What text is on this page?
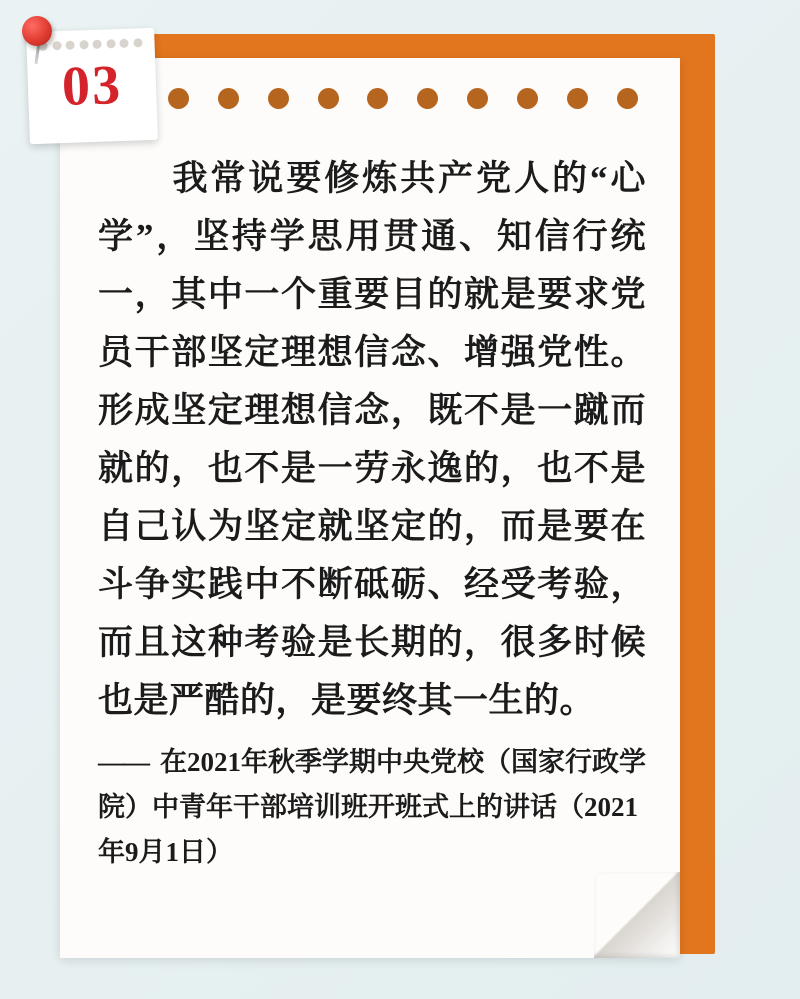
03
我常说要修炼共产党人的“心学”，坚持学思用贯通、知信行统一，其中一个重要目的就是要求党员干部坚定理想信念、增强党性。形成坚定理想信念，既不是一蹴而就的，也不是一劳永逸的，也不是自己认为坚定就坚定的，而是要在斗争实践中不断砥砺、经受考验，而且这种考验是长期的，很多时候也是严酷的，是要终其一生的。
—— 在2021年秋季学期中央党校（国家行政学院）中青年干部培训班开班式上的讲话（2021年9月1日）
